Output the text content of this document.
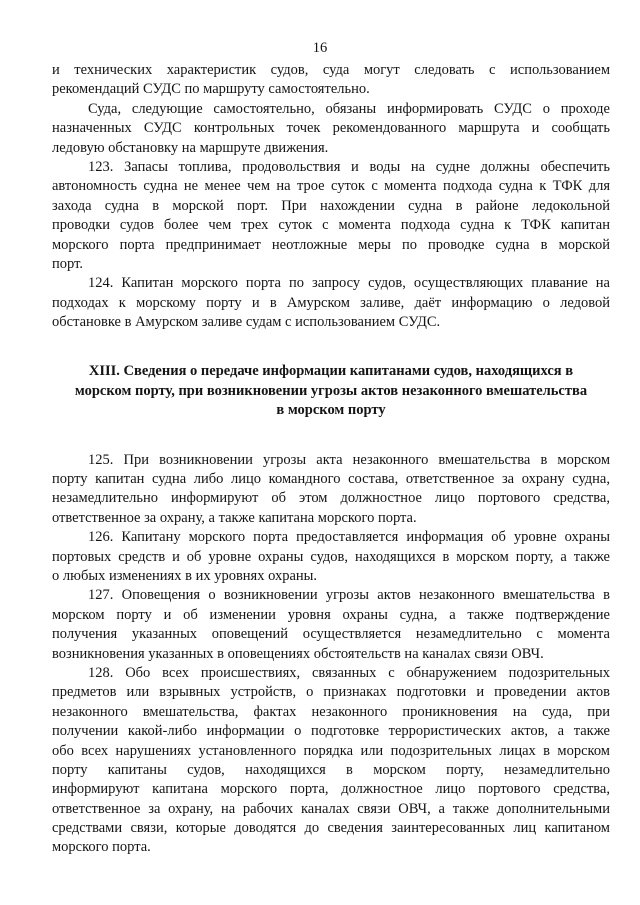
16
и технических характеристик судов, суда могут следовать с использованием
рекомендаций СУДС по маршруту самостоятельно.
Суда, следующие самостоятельно, обязаны информировать СУДС о проходе
назначенных СУДС контрольных точек рекомендованного маршрута и сообщать
ледовую обстановку на маршруте движения.
123. Запасы топлива, продовольствия и воды на судне должны обеспечить
автономность судна не менее чем на трое суток с момента подхода судна к ТФК для
захода судна в морской порт. При нахождении судна в районе ледокольной
проводки судов более чем трех суток с момента подхода судна к ТФК капитан
морского порта предпринимает неотложные меры по проводке судна в морской
порт.
124. Капитан морского порта по запросу судов, осуществляющих плавание на
подходах к морскому порту и в Амурском заливе, даёт информацию о ледовой
обстановке в Амурском заливе судам с использованием СУДС.
XIII. Сведения о передаче информации капитанами судов, находящихся в
морском порту, при возникновении угрозы актов незаконного вмешательства
в морском порту
125. При возникновении угрозы акта незаконного вмешательства в морском
порту капитан судна либо лицо командного состава, ответственное за охрану судна,
незамедлительно информируют об этом должностное лицо портового средства,
ответственное за охрану, а также капитана морского порта.
126. Капитану морского порта предоставляется информация об уровне охраны
портовых средств и об уровне охраны судов, находящихся в морском порту, а также
о любых изменениях в их уровнях охраны.
127. Оповещения о возникновении угрозы актов незаконного вмешательства в
морском порту и об изменении уровня охраны судна, а также подтверждение
получения указанных оповещений осуществляется незамедлительно с момента
возникновения указанных в оповещениях обстоятельств на каналах связи ОВЧ.
128. Обо всех происшествиях, связанных с обнаружением подозрительных
предметов или взрывных устройств, о признаках подготовки и проведении актов
незаконного вмешательства, фактах незаконного проникновения на суда, при
получении какой-либо информации о подготовке террористических актов, а также
обо всех нарушениях установленного порядка или подозрительных лицах в морском
порту капитаны судов, находящихся в морском порту, незамедлительно
информируют капитана морского порта, должностное лицо портового средства,
ответственное за охрану, на рабочих каналах связи ОВЧ, а также дополнительными
средствами связи, которые доводятся до сведения заинтересованных лиц капитаном
морского порта.
